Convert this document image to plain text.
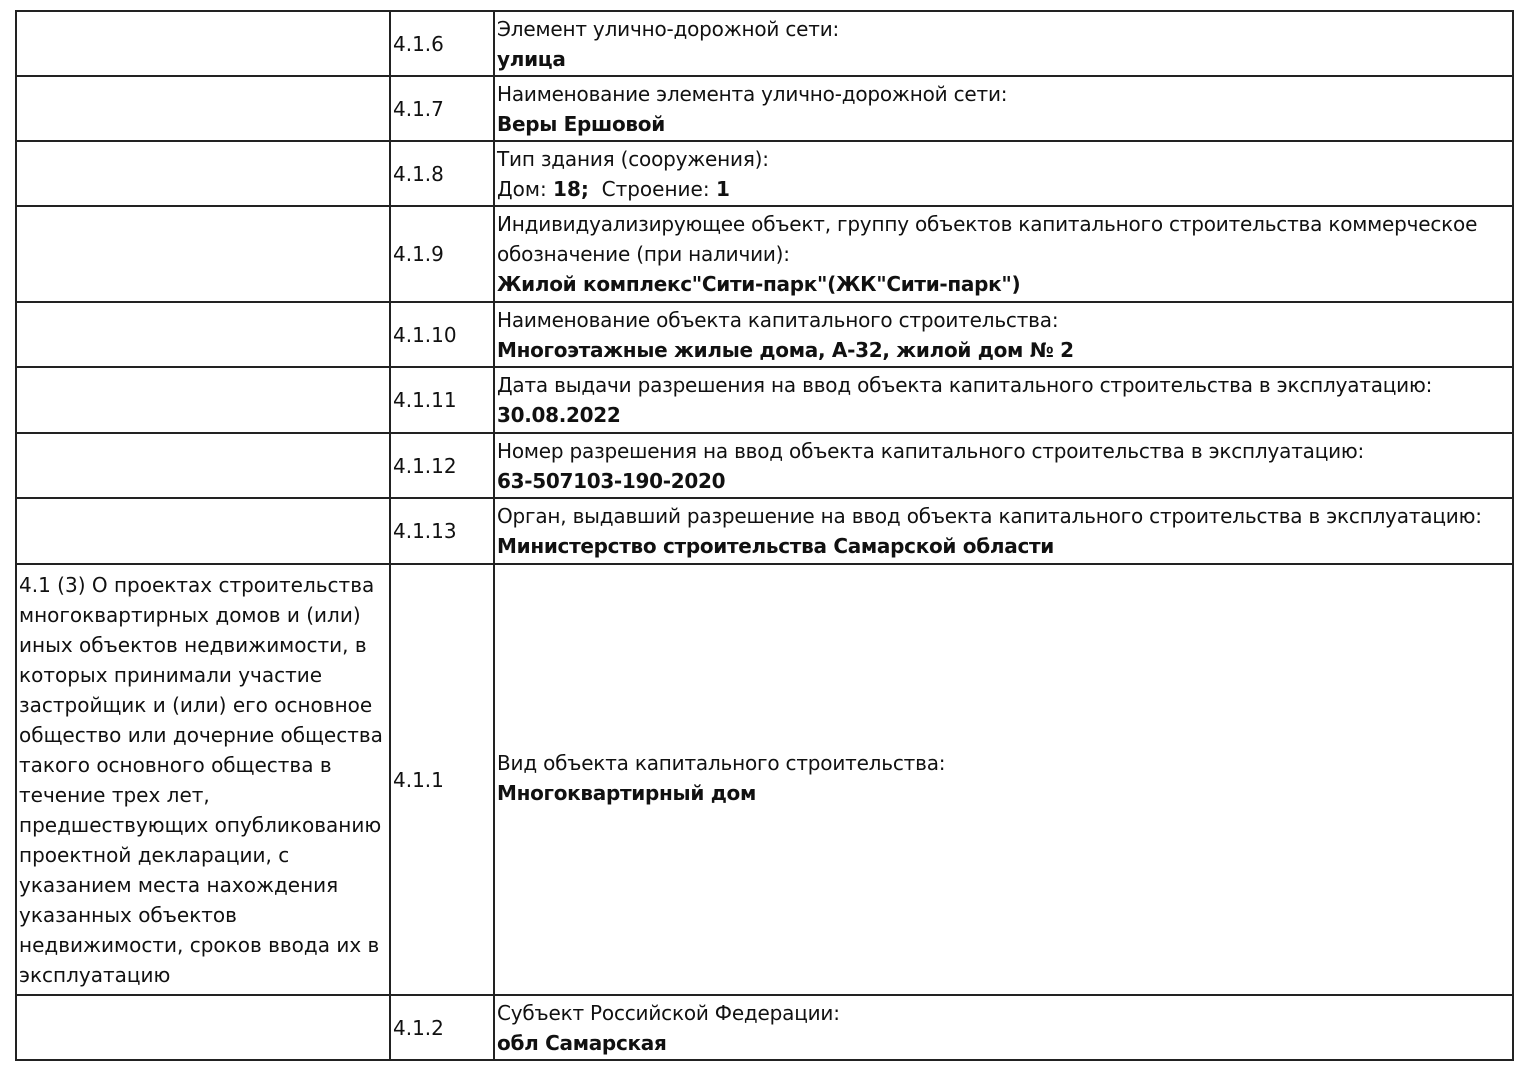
	4.1.6	Элемент улично-дорожной сети:
улица

	4.1.7	Наименование элемента улично-дорожной сети:
Веры Ершовой

	4.1.8	Тип здания (сооружения):
Дом: 18;  Строение: 1

	4.1.9	Индивидуализирующее объект, группу объектов капитального строительства коммерческое обозначение (при наличии):
Жилой комплекс"Сити-парк"(ЖК"Сити-парк")

	4.1.10	Наименование объекта капитального строительства:
Многоэтажные жилые дома, А-32, жилой дом № 2

	4.1.11	Дата выдачи разрешения на ввод объекта капитального строительства в эксплуатацию:
30.08.2022

	4.1.12	Номер разрешения на ввод объекта капитального строительства в эксплуатацию:
63-507103-190-2020

	4.1.13	Орган, выдавший разрешение на ввод объекта капитального строительства в эксплуатацию:
Министерство строительства Самарской области

4.1 (3) О проектах строительства многоквартирных домов и (или) иных объектов недвижимости, в которых принимали участие застройщик и (или) его основное общество или дочерние общества такого основного общества в течение трех лет, предшествующих опубликованию проектной декларации, с указанием места нахождения указанных объектов недвижимости, сроков ввода их в эксплуатацию	4.1.1	Вид объекта капитального строительства:
Многоквартирный дом

	4.1.2	Субъект Российской Федерации:
обл Самарская
